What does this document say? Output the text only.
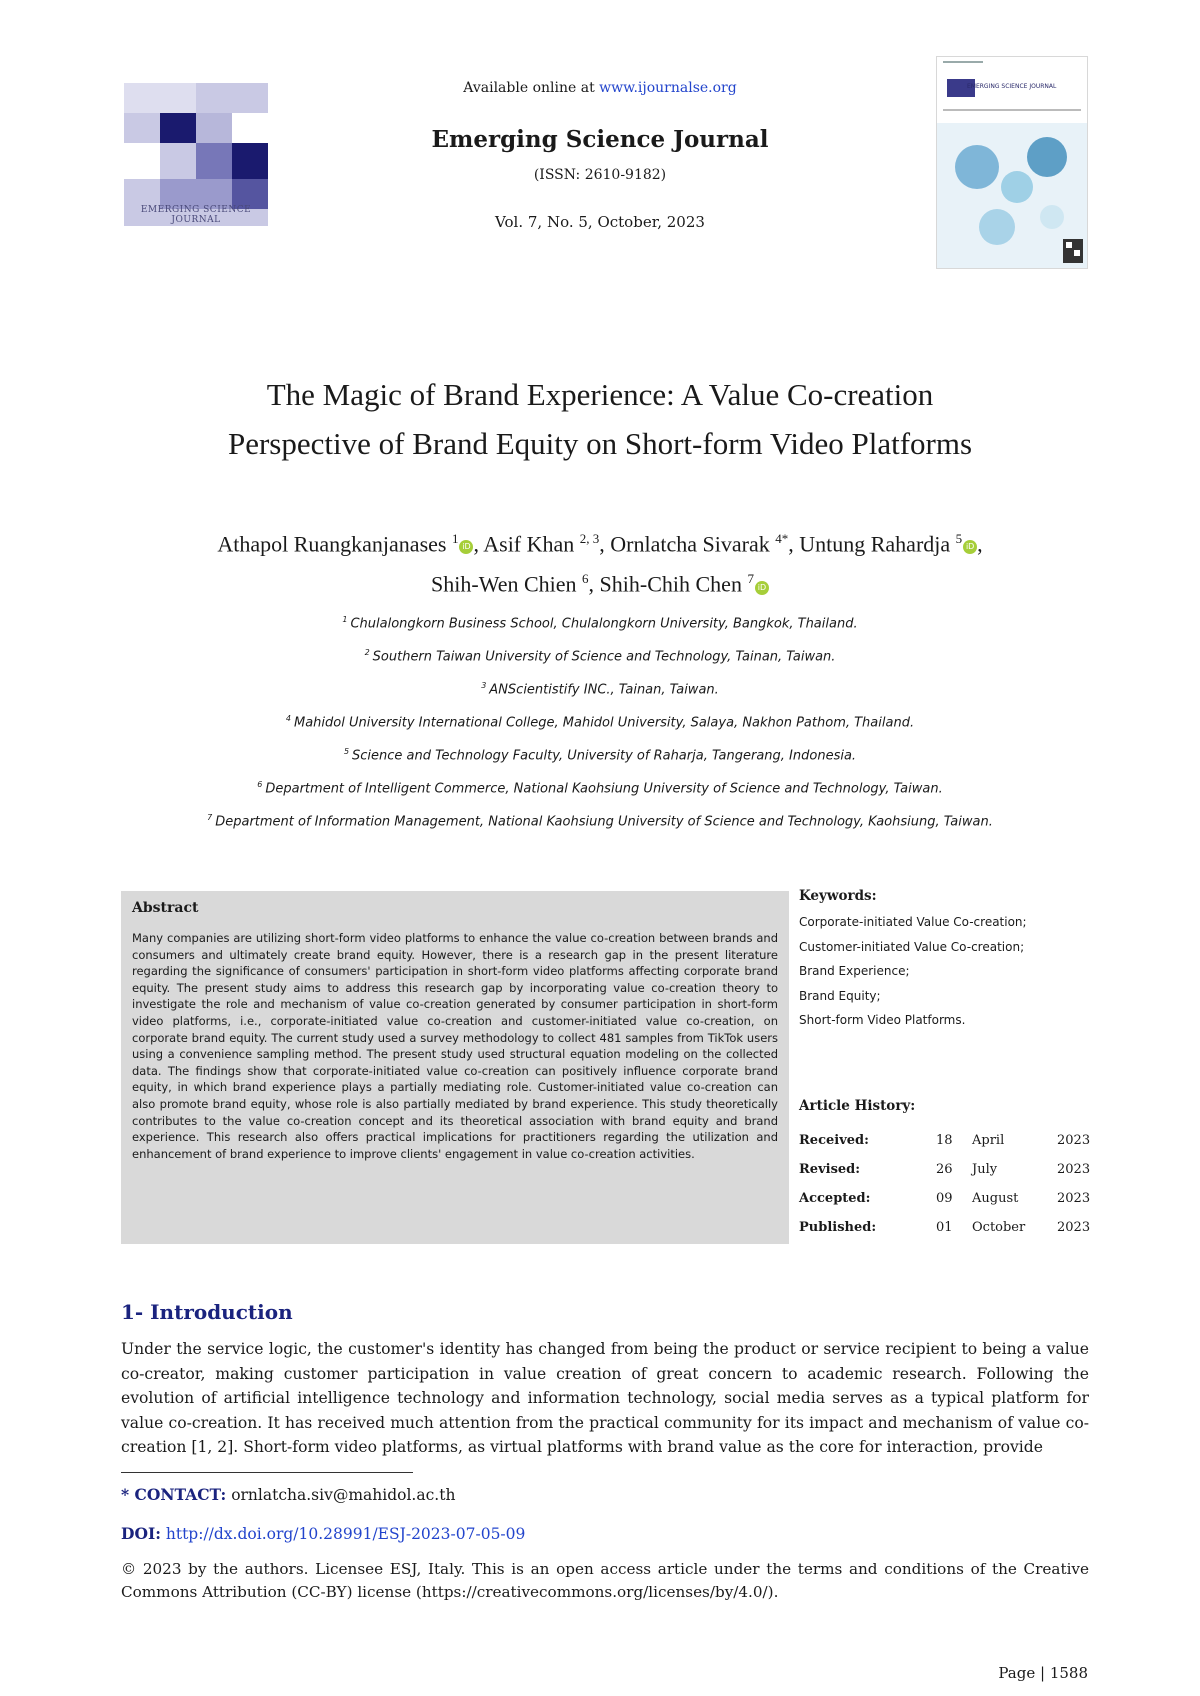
EMERGING SCIENCE JOURNAL
Available online at www.ijournalse.org
Emerging Science Journal
(ISSN: 2610-9182)
Vol. 7, No. 5, October, 2023
EMERGING SCIENCE JOURNAL
The Magic of Brand Experience: A Value Co-creation
Perspective of Brand Equity on Short-form Video Platforms
Athapol Ruangkanjanases $^1$iD , Asif Khan $^{2, 3}$, Ornlatcha Sivarak $^{4*}$, Untung Rahardja $^5$iD ,
Shih-Wen Chien $^6$, Shih-Chih Chen $^7$iD
$^1$ Chulalongkorn Business School, Chulalongkorn University, Bangkok, Thailand.
$^2$ Southern Taiwan University of Science and Technology, Tainan, Taiwan.
$^3$ ANScientistify INC., Tainan, Taiwan.
$^4$ Mahidol University International College, Mahidol University, Salaya, Nakhon Pathom, Thailand.
$^5$ Science and Technology Faculty, University of Raharja, Tangerang, Indonesia.
$^6$ Department of Intelligent Commerce, National Kaohsiung University of Science and Technology, Taiwan.
$^7$ Department of Information Management, National Kaohsiung University of Science and Technology, Kaohsiung, Taiwan.
Abstract
Many companies are utilizing short-form video platforms to enhance the value co-creation between brands and consumers and ultimately create brand equity. However, there is a research gap in the present literature regarding the significance of consumers' participation in short-form video platforms affecting corporate brand equity. The present study aims to address this research gap by incorporating value co-creation theory to investigate the role and mechanism of value co-creation generated by consumer participation in short-form video platforms, i.e., corporate-initiated value co-creation and customer-initiated value co-creation, on corporate brand equity. The current study used a survey methodology to collect 481 samples from TikTok users using a convenience sampling method. The present study used structural equation modeling on the collected data. The findings show that corporate-initiated value co-creation can positively influence corporate brand equity, in which brand experience plays a partially mediating role. Customer-initiated value co-creation can also promote brand equity, whose role is also partially mediated by brand experience. This study theoretically contributes to the value co-creation concept and its theoretical association with brand equity and brand experience. This research also offers practical implications for practitioners regarding the utilization and enhancement of brand experience to improve clients' engagement in value co-creation activities.
Keywords:
Corporate-initiated Value Co-creation;
Customer-initiated Value Co-creation;
Brand Experience;
Brand Equity;
Short-form Video Platforms.
Article History:
Received:	18 April	2023
Revised:	26 July	2023
Accepted:	09 August	2023
Published:	01 October 2023
1- Introduction
Under the service logic, the customer's identity has changed from being the product or service recipient to being a value co-creator, making customer participation in value creation of great concern to academic research. Following the evolution of artificial intelligence technology and information technology, social media serves as a typical platform for value co-creation. It has received much attention from the practical community for its impact and mechanism of value co-creation [1, 2]. Short-form video platforms, as virtual platforms with brand value as the core for interaction, provide
* CONTACT: ornlatcha.siv@mahidol.ac.th
DOI: http://dx.doi.org/10.28991/ESJ-2023-07-05-09
© 2023 by the authors. Licensee ESJ, Italy. This is an open access article under the terms and conditions of the Creative Commons Attribution (CC-BY) license (https://creativecommons.org/licenses/by/4.0/).
Page | 1588
